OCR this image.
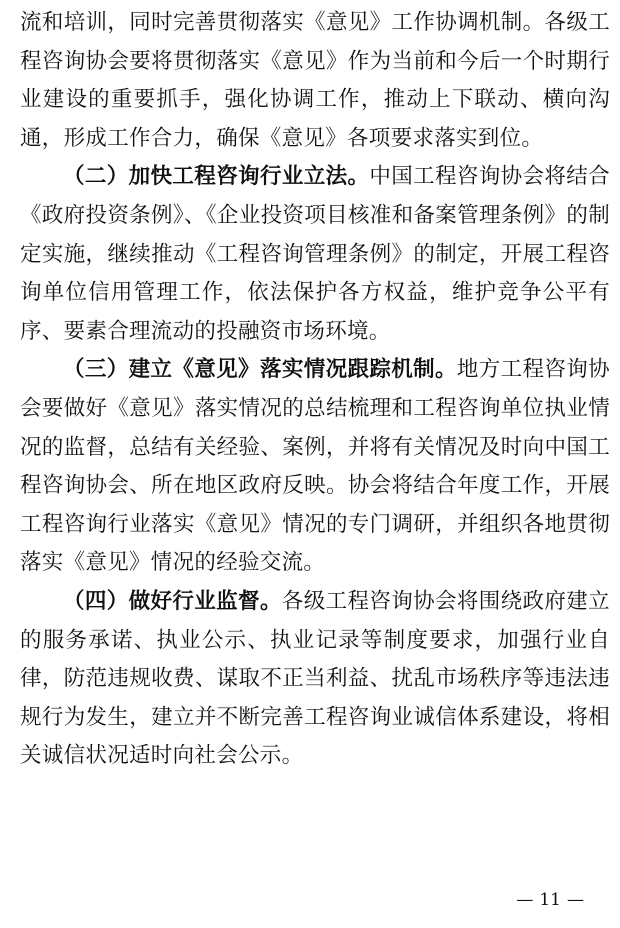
流和培训，同时完善贯彻落实《意见》工作协调机制。各级工程咨询协会要将贯彻落实《意见》作为当前和今后一个时期行业建设的重要抓手，强化协调工作，推动上下联动、横向沟通，形成工作合力，确保《意见》各项要求落实到位。

（二）加快工程咨询行业立法。中国工程咨询协会将结合《政府投资条例》、《企业投资项目核准和备案管理条例》的制定实施，继续推动《工程咨询管理条例》的制定，开展工程咨询单位信用管理工作，依法保护各方权益，维护竞争公平有序、要素合理流动的投融资市场环境。

（三）建立《意见》落实情况跟踪机制。地方工程咨询协会要做好《意见》落实情况的总结梳理和工程咨询单位执业情况的监督，总结有关经验、案例，并将有关情况及时向中国工程咨询协会、所在地区政府反映。协会将结合年度工作，开展工程咨询行业落实《意见》情况的专门调研，并组织各地贯彻落实《意见》情况的经验交流。

（四）做好行业监督。各级工程咨询协会将围绕政府建立的服务承诺、执业公示、执业记录等制度要求，加强行业自律，防范违规收费、谋取不正当利益、扰乱市场秩序等违法违规行为发生，建立并不断完善工程咨询业诚信体系建设，将相关诚信状况适时向社会公示。

— 11 —
